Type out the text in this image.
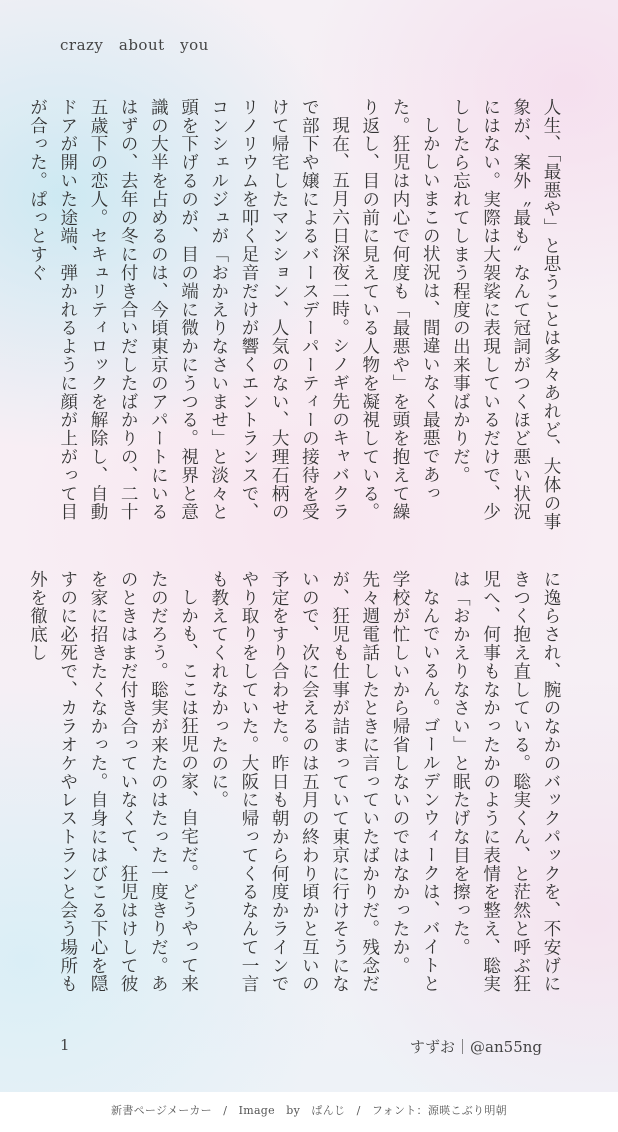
crazy　about　you

人生、「最悪や」と思うことは多々あれど、大体の事象が、案外〝最も〟なんて冠詞がつくほど悪い状況にはない。実際は大袈裟に表現しているだけで、少ししたら忘れてしまう程度の出来事ばかりだ。

しかしいまこの状況は、間違いなく最悪であった。狂児は内心で何度も「最悪や」を頭を抱えて繰り返し、目の前に見えている人物を凝視している。

現在、五月六日深夜二時。シノギ先のキャバクラで部下や嬢によるバースデーパーティーの接待を受けて帰宅したマンション、人気のない、大理石柄のリノリウムを叩く足音だけが響くエントランスで、コンシェルジュが「おかえりなさいませ」と淡々と頭を下げるのが、目の端に微かにうつる。視界と意識の大半を占めるのは、今頃東京のアパートにいるはずの、去年の冬に付き合いだしたばかりの、二十五歳下の恋人。セキュリティロックを解除し、自動ドアが開いた途端、弾かれるように顔が上がって目が合った。ぱっとすぐ

に逸らされ、腕のなかのバックパックを、不安げにきつく抱え直している。聡実くん、と茫然と呼ぶ狂児へ、何事もなかったかのように表情を整え、聡実は「おかえりなさい」と眠たげな目を擦った。

なんでいるん。ゴールデンウィークは、バイトと学校が忙しいから帰省しないのではなかったか。先々週電話したときに言っていたばかりだ。残念だが、狂児も仕事が詰まっていて東京に行けそうにないので、次に会えるのは五月の終わり頃かと互いの予定をすり合わせた。昨日も朝から何度かラインでやり取りをしていた。大阪に帰ってくるなんて一言も教えてくれなかったのに。

しかも、ここは狂児の家、自宅だ。どうやって来たのだろう。聡実が来たのはたった一度きりだ。あのときはまだ付き合っていなくて、狂児はけして彼を家に招きたくなかった。自身にはびこる下心を隠すのに必死で、カラオケやレストランと会う場所も外を徹底し

1	すずお｜@an55ng
新書ページメーカー　/　Image　by　ぱんじ　/　フォント：源暎こぶり明朝
